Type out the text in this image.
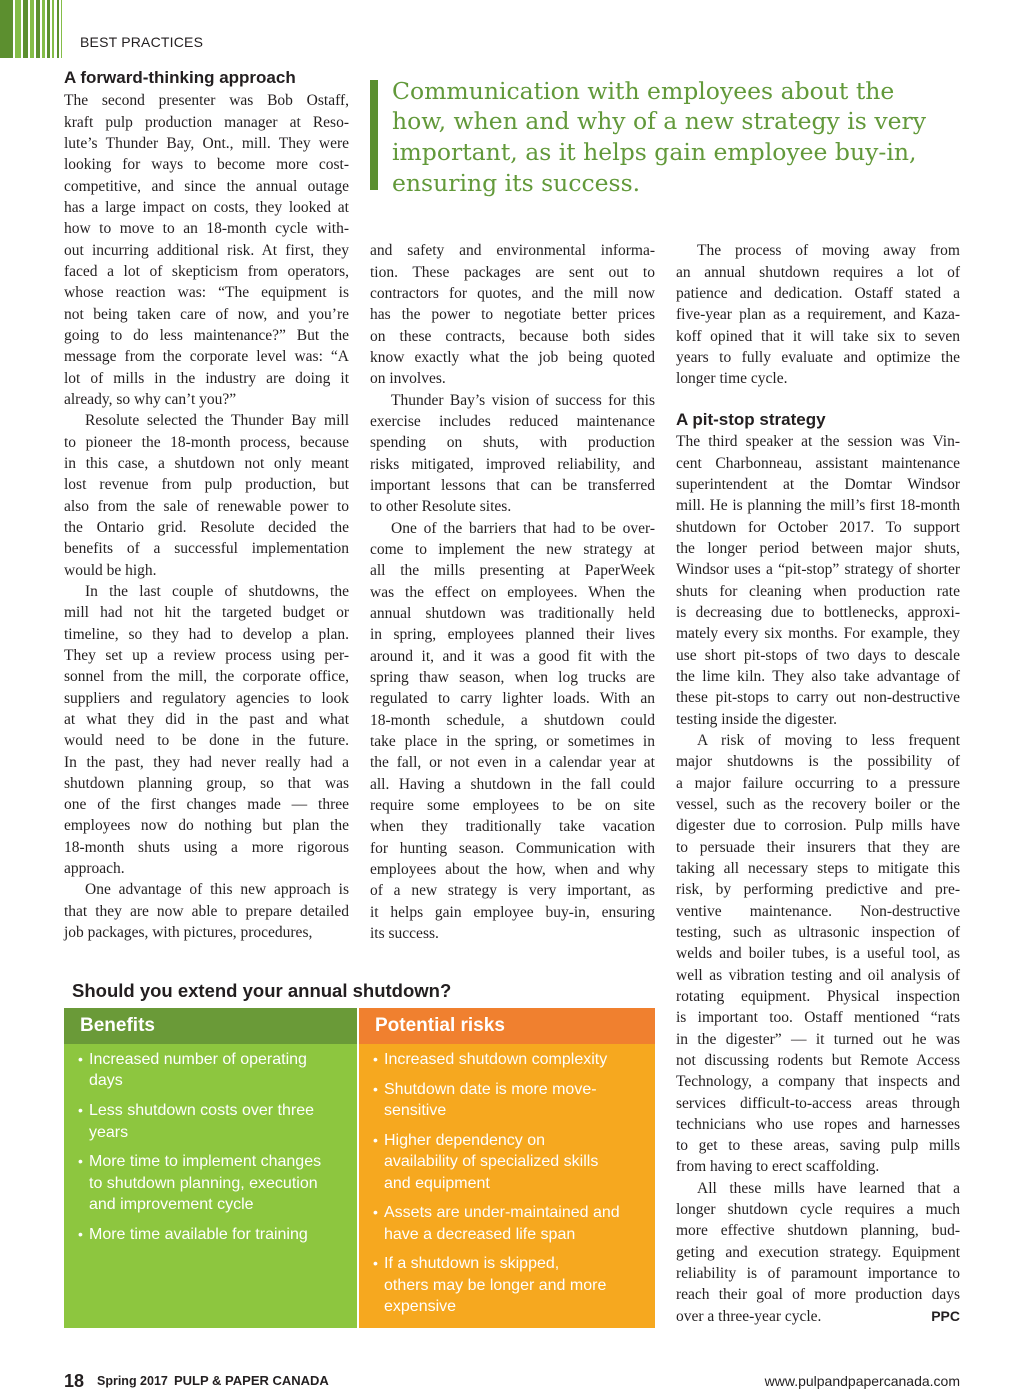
BEST PRACTICES
A forward-thinking approach
The second presenter was Bob Ostaff,
kraft pulp production manager at Reso-
lute’s Thunder Bay, Ont., mill. They were
looking for ways to become more cost-
competitive, and since the annual outage
has a large impact on costs, they looked at
how to move to an 18-month cycle with-
out incurring additional risk. At first, they
faced a lot of skepticism from operators,
whose reaction was: “The equipment is
not being taken care of now, and you’re
going to do less maintenance?” But the
message from the corporate level was: “A
lot of mills in the industry are doing it
already, so why can’t you?”
Resolute selected the Thunder Bay mill
to pioneer the 18-month process, because
in this case, a shutdown not only meant
lost revenue from pulp production, but
also from the sale of renewable power to
the Ontario grid. Resolute decided the
benefits of a successful implementation
would be high.
In the last couple of shutdowns, the
mill had not hit the targeted budget or
timeline, so they had to develop a plan.
They set up a review process using per-
sonnel from the mill, the corporate office,
suppliers and regulatory agencies to look
at what they did in the past and what
would need to be done in the future.
In the past, they had never really had a
shutdown planning group, so that was
one of the first changes made — three
employees now do nothing but plan the
18-month shuts using a more rigorous
approach.
One advantage of this new approach is
that they are now able to prepare detailed
job packages, with pictures, procedures,
Communication with employees about the
how, when and why of a new strategy is very
important, as it helps gain employee buy-in,
ensuring its success.
and safety and environmental informa-
tion. These packages are sent out to
contractors for quotes, and the mill now
has the power to negotiate better prices
on these contracts, because both sides
know exactly what the job being quoted
on involves.
Thunder Bay’s vision of success for this
exercise includes reduced maintenance
spending on shuts, with production
risks mitigated, improved reliability, and
important lessons that can be transferred
to other Resolute sites.
One of the barriers that had to be over-
come to implement the new strategy at
all the mills presenting at PaperWeek
was the effect on employees. When the
annual shutdown was traditionally held
in spring, employees planned their lives
around it, and it was a good fit with the
spring thaw season, when log trucks are
regulated to carry lighter loads. With an
18-month schedule, a shutdown could
take place in the spring, or sometimes in
the fall, or not even in a calendar year at
all. Having a shutdown in the fall could
require some employees to be on site
when they traditionally take vacation
for hunting season. Communication with
employees about the how, when and why
of a new strategy is very important, as
it helps gain employee buy-in, ensuring
its success.
The process of moving away from
an annual shutdown requires a lot of
patience and dedication. Ostaff stated a
five-year plan as a requirement, and Kaza-
koff opined that it will take six to seven
years to fully evaluate and optimize the
longer time cycle.
A pit-stop strategy
The third speaker at the session was Vin-
cent Charbonneau, assistant maintenance
superintendent at the Domtar Windsor
mill. He is planning the mill’s first 18-month
shutdown for October 2017. To support
the longer period between major shuts,
Windsor uses a “pit-stop” strategy of shorter
shuts for cleaning when production rate
is decreasing due to bottlenecks, approxi-
mately every six months. For example, they
use short pit-stops of two days to descale
the lime kiln. They also take advantage of
these pit-stops to carry out non-destructive
testing inside the digester.
A risk of moving to less frequent
major shutdowns is the possibility of
a major failure occurring to a pressure
vessel, such as the recovery boiler or the
digester due to corrosion. Pulp mills have
to persuade their insurers that they are
taking all necessary steps to mitigate this
risk, by performing predictive and pre-
ventive maintenance. Non-destructive
testing, such as ultrasonic inspection of
welds and boiler tubes, is a useful tool, as
well as vibration testing and oil analysis of
rotating equipment. Physical inspection
is important too. Ostaff mentioned “rats
in the digester” — it turned out he was
not discussing rodents but Remote Access
Technology, a company that inspects and
services difficult-to-access areas through
technicians who use ropes and harnesses
to get to these areas, saving pulp mills
from having to erect scaffolding.
All these mills have learned that a
longer shutdown cycle requires a much
more effective shutdown planning, bud-
geting and execution strategy. Equipment
reliability is of paramount importance to
reach their goal of more production days
over a three-year cycle.	PPC
Should you extend your annual shutdown?
Benefits
• Increased number of operating
days
• Less shutdown costs over three
years
• More time to implement changes
to shutdown planning, execution
and improvement cycle
• More time available for training
Potential risks
• Increased shutdown complexity
• Shutdown date is more move-
sensitive
• Higher dependency on
availability of specialized skills
and equipment
• Assets are under-maintained and
have a decreased life span
• If a shutdown is skipped,
others may be longer and more
expensive
18 Spring 2017 PULP & PAPER CANADA	www.pulpandpapercanada.com
